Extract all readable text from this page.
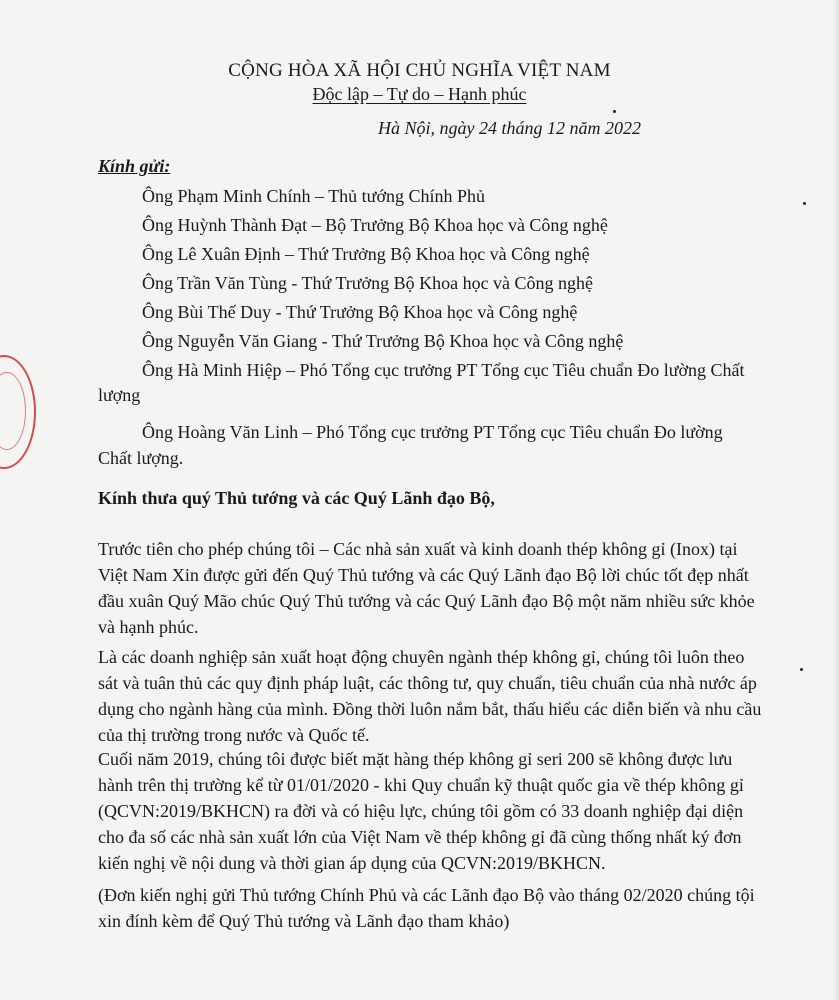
CỘNG HÒA XÃ HỘI CHỦ NGHĨA VIỆT NAM
Độc lập – Tự do – Hạnh phúc
Hà Nội, ngày 24 tháng 12 năm 2022
Kính gửi:
Ông Phạm Minh Chính – Thủ tướng Chính Phủ
Ông Huỳnh Thành Đạt – Bộ Trưởng Bộ Khoa học và Công nghệ
Ông Lê Xuân Định – Thứ Trưởng Bộ Khoa học và Công nghệ
Ông Trần Văn Tùng - Thứ Trưởng Bộ Khoa học và Công nghệ
Ông Bùi Thế Duy - Thứ Trưởng Bộ Khoa học và Công nghệ
Ông Nguyễn Văn Giang - Thứ Trưởng Bộ Khoa học và Công nghệ
Ông Hà Minh Hiệp – Phó Tổng cục trưởng PT Tổng cục Tiêu chuẩn Đo lường Chất
lượng
Ông Hoàng Văn Linh – Phó Tổng cục trưởng PT Tổng cục Tiêu chuẩn Đo lường
Chất lượng.
Kính thưa quý Thủ tướng và các Quý Lãnh đạo Bộ,
Trước tiên cho phép chúng tôi – Các nhà sản xuất và kinh doanh thép không gỉ (Inox) tại
Việt Nam Xin được gửi đến Quý Thủ tướng và các Quý Lãnh đạo Bộ lời chúc tốt đẹp nhất
đầu xuân Quý Mão chúc Quý Thủ tướng và các Quý Lãnh đạo Bộ một năm nhiều sức khỏe
và hạnh phúc.
Là các doanh nghiệp sản xuất hoạt động chuyên ngành thép không gỉ, chúng tôi luôn theo
sát và tuân thủ các quy định pháp luật, các thông tư, quy chuẩn, tiêu chuẩn của nhà nước áp
dụng cho ngành hàng của mình. Đồng thời luôn nắm bắt, thấu hiểu các diễn biến và nhu cầu
của thị trường trong nước và Quốc tế.
Cuối năm 2019, chúng tôi được biết mặt hàng thép không gỉ seri 200 sẽ không được lưu
hành trên thị trường kể từ 01/01/2020 - khi Quy chuẩn kỹ thuật quốc gia về thép không gỉ
(QCVN:2019/BKHCN) ra đời và có hiệu lực, chúng tôi gồm có 33 doanh nghiệp đại diện
cho đa số các nhà sản xuất lớn của Việt Nam về thép không gỉ đã cùng thống nhất ký đơn
kiến nghị về nội dung và thời gian áp dụng của QCVN:2019/BKHCN.
(Đơn kiến nghị gửi Thủ tướng Chính Phủ và các Lãnh đạo Bộ vào tháng 02/2020 chúng tội
xin đính kèm để Quý Thủ tướng và Lãnh đạo tham khảo)
